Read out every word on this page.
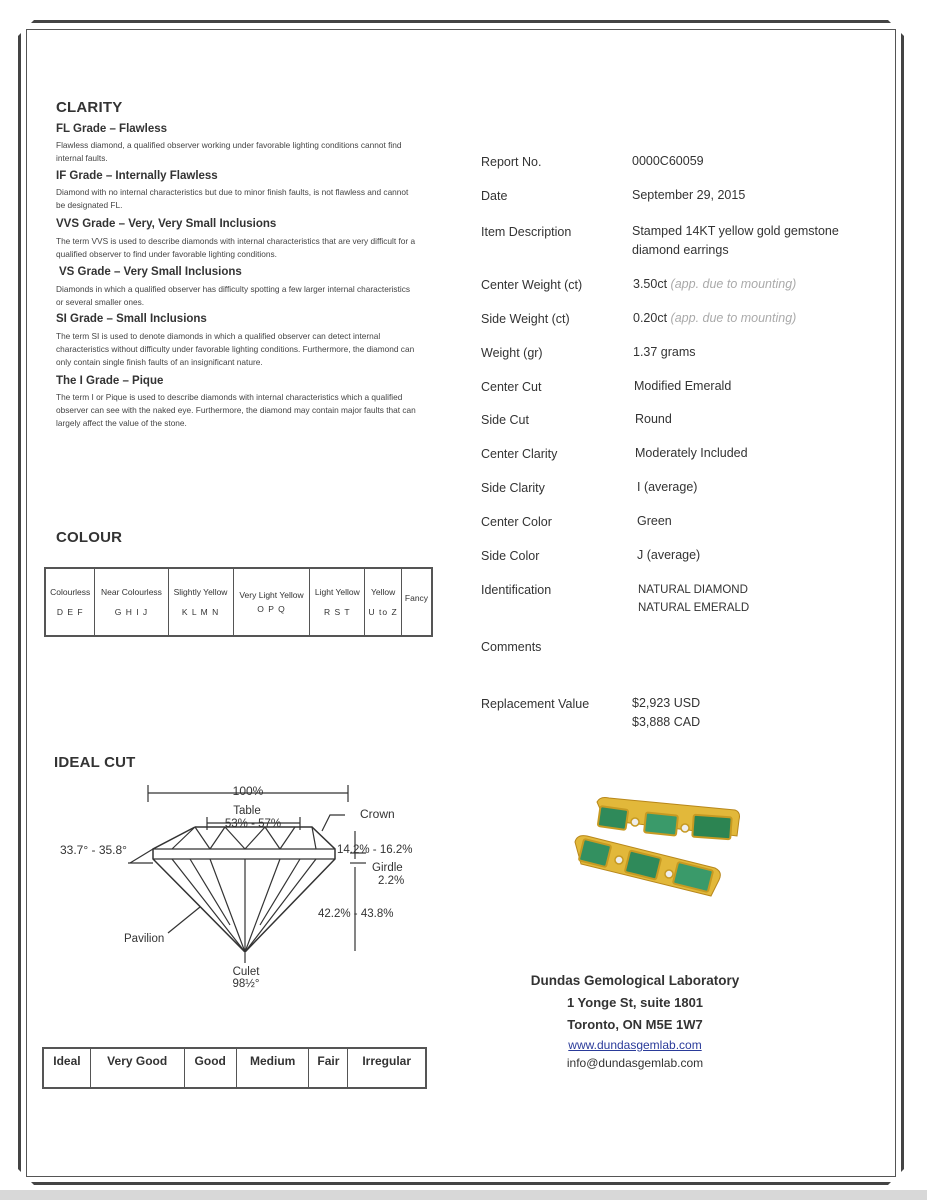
CLARITY
FL Grade – Flawless
Flawless diamond, a qualified observer working under favorable lighting conditions cannot find internal faults.
IF Grade – Internally Flawless
Diamond with no internal characteristics but due to minor finish faults, is not flawless and cannot be designated FL.
VVS Grade – Very, Very Small Inclusions
The term VVS is used to describe diamonds with internal characteristics that are very difficult for a qualified observer to find under favorable lighting conditions.
VS Grade – Very Small Inclusions
Diamonds in which a qualified observer has difficulty spotting a few larger internal characteristics or several smaller ones.
SI Grade – Small Inclusions
The term SI is used to denote diamonds in which a qualified observer can detect internal characteristics without difficulty under favorable lighting conditions. Furthermore, the diamond can only contain single finish faults of an insignificant nature.
The I Grade – Pique
The term I or Pique is used to describe diamonds with internal characteristics which a qualified observer can see with the naked eye. Furthermore, the diamond may contain major faults that can largely affect the value of the stone.
COLOUR
Colourless
D E F

Near Colourless
G H I J

Slightly Yellow
K L M N

Very Light Yellow
O P Q

Light Yellow
R S T

Yellow
U to Z

Fancy
IDEAL CUT
100%
Table
53% - 57%
Crown
33.7° - 35.8°	14.2% - 16.2%
Girdle
2.2%
42.2% - 43.8%
Pavilion
Culet
98½°
Ideal	Very Good	Good	Medium	Fair	Irregular
Report No.	0000C60059
Date	September 29, 2015
Item Description	Stamped 14KT yellow gold gemstone diamond earrings
Center Weight (ct)	3.50ct (app. due to mounting)
Side Weight (ct)	0.20ct (app. due to mounting)
Weight (gr)	1.37 grams
Center Cut	Modified Emerald
Side Cut	Round
Center Clarity	Moderately Included
Side Clarity	I (average)
Center Color	Green
Side Color	J (average)
Identification	NATURAL DIAMOND
NATURAL EMERALD
Comments
Replacement Value	$2,923 USD
$3,888 CAD
Dundas Gemological Laboratory
1 Yonge St, suite 1801
Toronto, ON M5E 1W7
www.dundasgemlab.com
info@dundasgemlab.com
